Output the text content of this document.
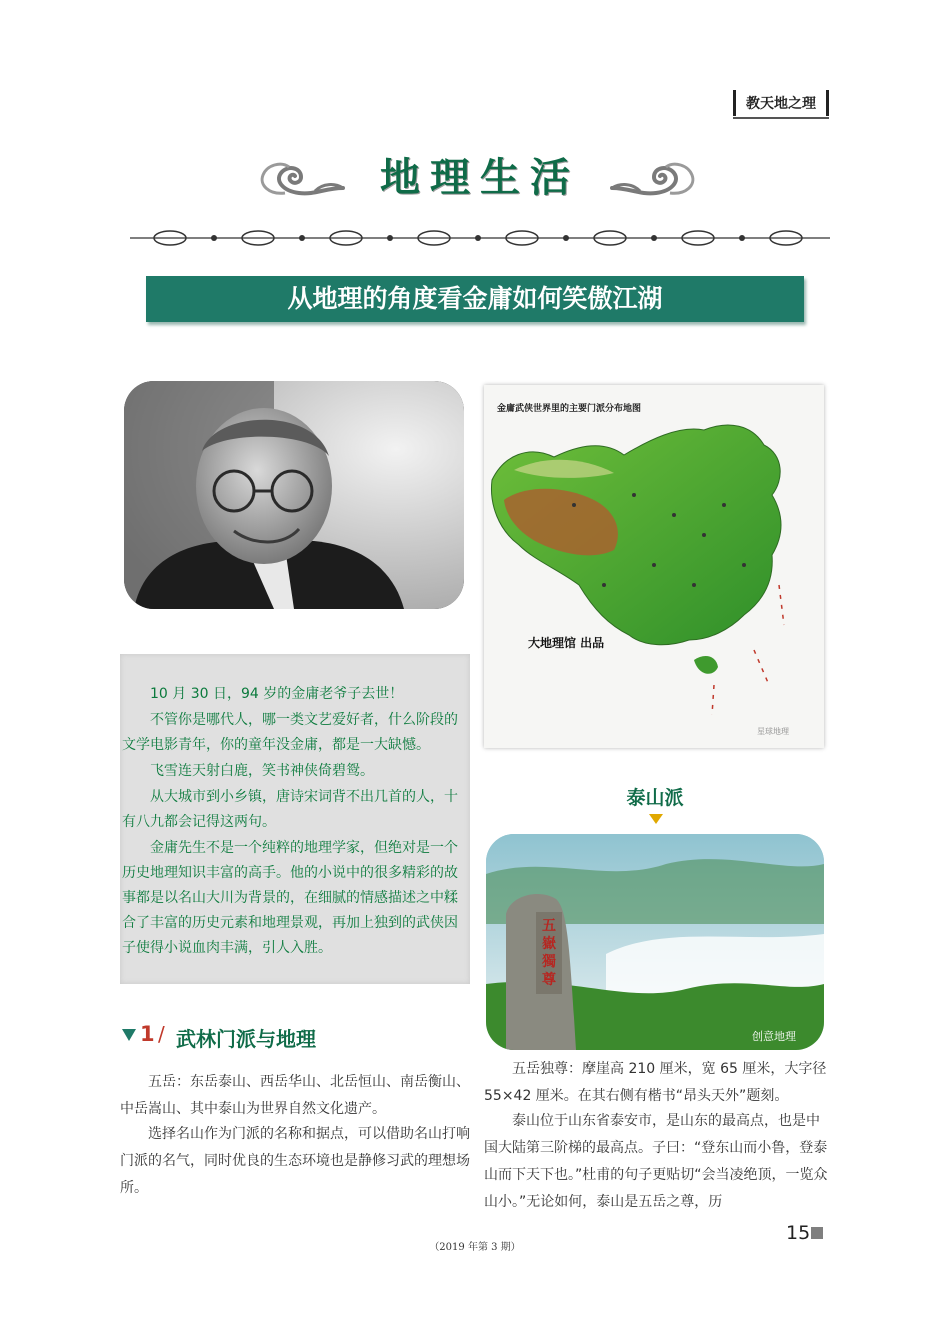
教天地之理
地理生活
从地理的角度看金庸如何笑傲江湖
金庸武侠世界里的主要门派分布地图
大地理馆 出品
星球地理

10 月 30 日，94 岁的金庸老爷子去世！

不管你是哪代人，哪一类文艺爱好者，什么阶段的文学电影青年，你的童年没金庸，都是一大缺憾。

飞雪连天射白鹿，笑书神侠倚碧鸳。

从大城市到小乡镇，唐诗宋词背不出几首的人，十有八九都会记得这两句。

金庸先生不是一个纯粹的地理学家，但绝对是一个历史地理知识丰富的高手。他的小说中的很多精彩的故事都是以名山大川为背景的，在细腻的情感描述之中糅合了丰富的历史元素和地理景观，再加上独到的武侠因子使得小说血肉丰满，引人入胜。

1 / 武林门派与地理

五岳：东岳泰山、西岳华山、北岳恒山、南岳衡山、中岳嵩山、其中泰山为世界自然文化遗产。

选择名山作为门派的名称和据点，可以借助名山打响门派的名气，同时优良的生态环境也是静修习武的理想场所。

泰山派
五
嶽
獨
尊
创意地理

五岳独尊：摩崖高 210 厘米，宽 65 厘米，大字径 55×42 厘米。在其右侧有楷书“昂头天外”题刻。

泰山位于山东省泰安市，是山东的最高点，也是中国大陆第三阶梯的最高点。子曰：“登东山而小鲁，登泰山而下天下也。”杜甫的句子更贴切“会当凌绝顶，一览众山小。”无论如何，泰山是五岳之尊，历

（2019 年第 3 期）
15
